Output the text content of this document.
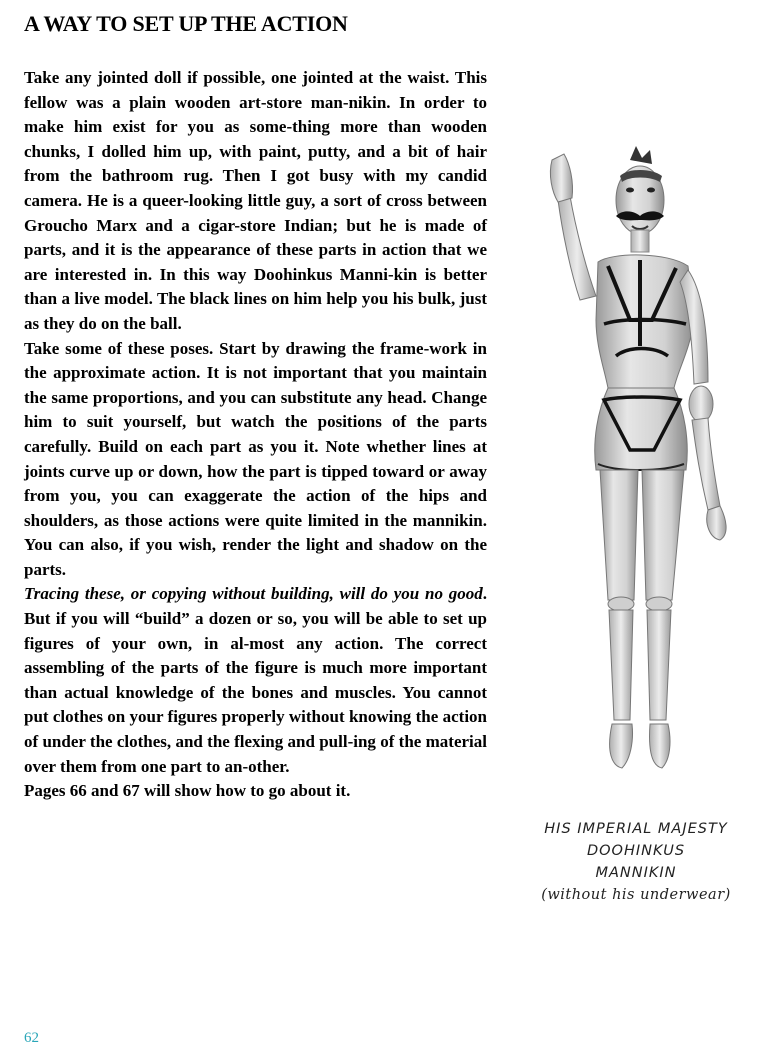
A WAY TO SET UP THE ACTION

Take any jointed doll if possible, one jointed at the waist. This fellow was a plain wooden art-store man-nikin. In order to make him exist for you as some-thing more than wooden chunks, I dolled him up, with paint, putty, and a bit of hair from the bathroom rug. Then I got busy with my candid camera. He is a queer-looking little guy, a sort of cross between Groucho Marx and a cigar-store Indian; but he is made of parts, and it is the appearance of these parts in action that we are interested in. In this way Doohinkus Manni-kin is better than a live model. The black lines on him help you his bulk, just as they do on the ball.

Take some of these poses. Start by drawing the frame-work in the approximate action. It is not important that you maintain the same proportions, and you can substitute any head. Change him to suit yourself, but watch the positions of the parts carefully. Build on each part as you it. Note whether lines at joints curve up or down, how the part is tipped toward or away from you, you can exaggerate the action of the hips and shoulders, as those actions were quite limited in the mannikin. You can also, if you wish, render the light and shadow on the parts.

Tracing these, or copying without building, will do you no good. But if you will “build” a dozen or so, you will be able to set up figures of your own, in al-most any action. The correct assembling of the parts of the figure is much more important than actual knowledge of the bones and muscles. You cannot put clothes on your figures properly without knowing the action of under the clothes, and the flexing and pull-ing of the material over them from one part to an-other.

Pages 66 and 67 will show how to go about it.

HIS IMPERIAL MAJESTY
DOOHINKUS
MANNIKIN
(without his underwear)
62
